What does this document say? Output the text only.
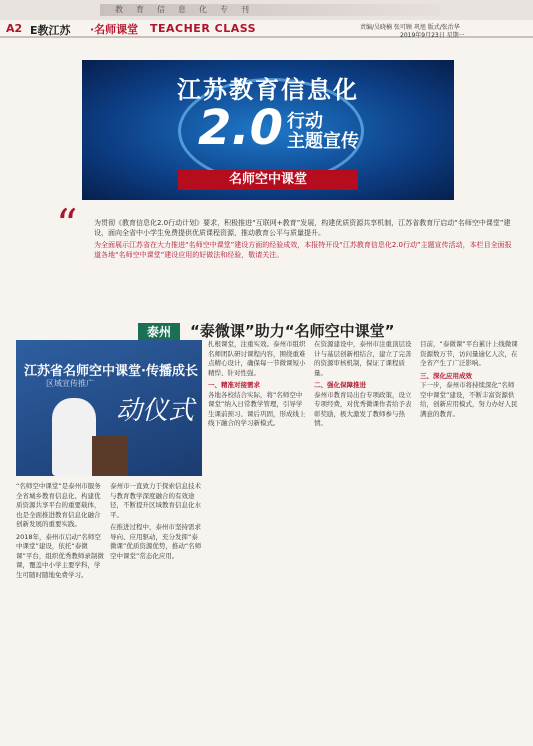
教育信息化专刊
A2 E教江苏 ·名师课堂 TEACHER CLASS	责编/吴晓楠 张可顾 巩旭 版式/张治华
2019年9月23日 星期一
江苏教育信息化
2.0 行动
主题宣传
名师空中课堂
“ 为贯彻《教育信息化2.0行动计划》要求，积极推进“互联网+教育”发展，构建优质资源共享机制，江苏省教育厅启动“名师空中课堂”建设，面向全省中小学生免费提供优质课程资源，推动教育公平与质量提升。

为全面展示江苏省在大力推进“名师空中课堂”建设方面的经验成效，本报特开设“江苏教育信息化2.0行动”主题宣传活动，本栏目全面报道各地“名师空中课堂”建设应用的好做法和经验，敬请关注。

泰州	“泰微课”助力“名师空中课堂”
江苏省名师空中课堂·传播成长
区域宣传推广
动仪式

“名师空中课堂”是泰州市服务全省城乡教育信息化、构建优质资源共享平台的重要载体，也是全面推进教育信息化融合创新发展的重要实践。

2018年，泰州市启动“名师空中课堂”建设，依托“泰微课”平台，组织优秀教师录制微课，覆盖中小学主要学科，学生可随时随地免费学习。

泰州市一直致力于探索信息技术与教育教学深度融合的有效途径，不断提升区域教育信息化水平。

在推进过程中，泰州市坚持需求导向、应用驱动，充分发挥“泰微课”优质资源优势，推动“名师空中课堂”常态化应用。

扎根课堂，注重实效。泰州市组织名师团队研讨课程内容，围绕重难点精心设计，确保每一节微课短小精悍、针对性强。

一、精准对接需求

各地各校结合实际，将“名师空中课堂”纳入日常教学管理，引导学生课前预习、课后巩固，形成线上线下融合的学习新模式。

在资源建设中，泰州市注重顶层设计与基层创新相结合，建立了完善的资源审核机制，保证了课程质量。

二、强化保障推进

泰州市教育局出台专项政策，设立专项经费，对优秀微课作者给予表彰奖励，极大激发了教师参与热情。

目前，“泰微课”平台累计上线微课资源数万节，访问量逾亿人次，在全省产生了广泛影响。

三、深化应用成效

下一步，泰州市将持续深化“名师空中课堂”建设，不断丰富资源供给，创新应用模式，努力办好人民满意的教育。
